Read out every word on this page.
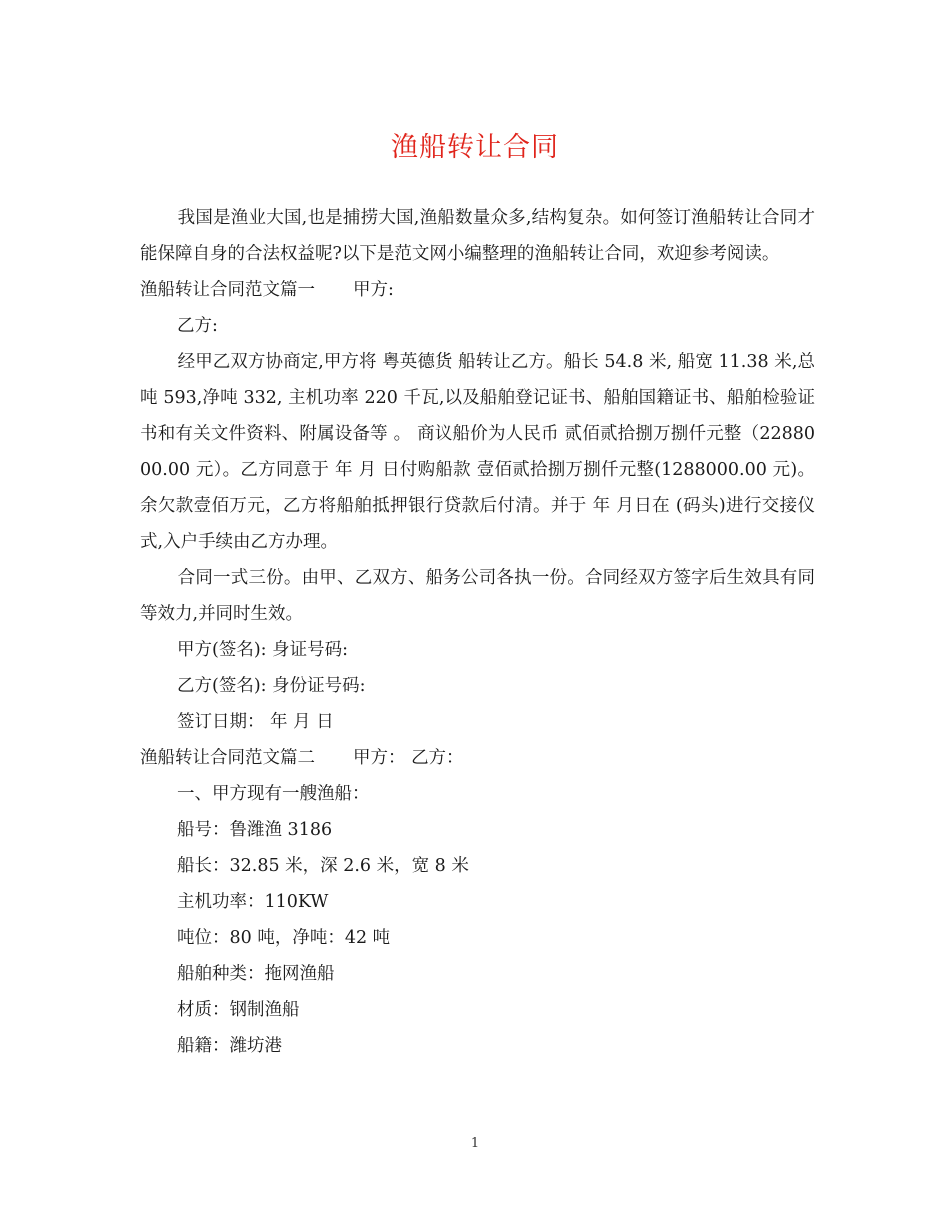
渔船转让合同

我国是渔业大国,也是捕捞大国,渔船数量众多,结构复杂。如何签订渔船转让合同才能保障自身的合法权益呢?以下是范文网小编整理的渔船转让合同，欢迎参考阅读。

渔船转让合同范文篇一 甲方:

乙方:

经甲乙双方协商定,甲方将 粤英德货 船转让乙方。船长 54.8 米, 船宽 11.38 米,总吨 593,净吨 332, 主机功率 220 千瓦,以及船舶登记证书、船舶国籍证书、船舶检验证书和有关文件资料、附属设备等 。 商议船价为人民币 贰佰贰拾捌万捌仟元整（2288000.00 元）。乙方同意于 年 月 日付购船款 壹佰贰拾捌万捌仟元整(1288000.00 元)。余欠款壹佰万元，乙方将船舶抵押银行贷款后付清。并于 年 月日在 (码头)进行交接仪式,入户手续由乙方办理。

合同一式三份。由甲、乙双方、船务公司各执一份。合同经双方签字后生效具有同等效力,并同时生效。

甲方(签名): 身证号码:

乙方(签名): 身份证号码:

签订日期： 年 月 日

渔船转让合同范文篇二 甲方： 乙方：

一、甲方现有一艘渔船：

船号：鲁潍渔 3186

船长：32.85 米，深 2.6 米，宽 8 米

主机功率：110KW

吨位：80 吨，净吨：42 吨

船舶种类：拖网渔船

材质：钢制渔船

船籍：潍坊港

1
